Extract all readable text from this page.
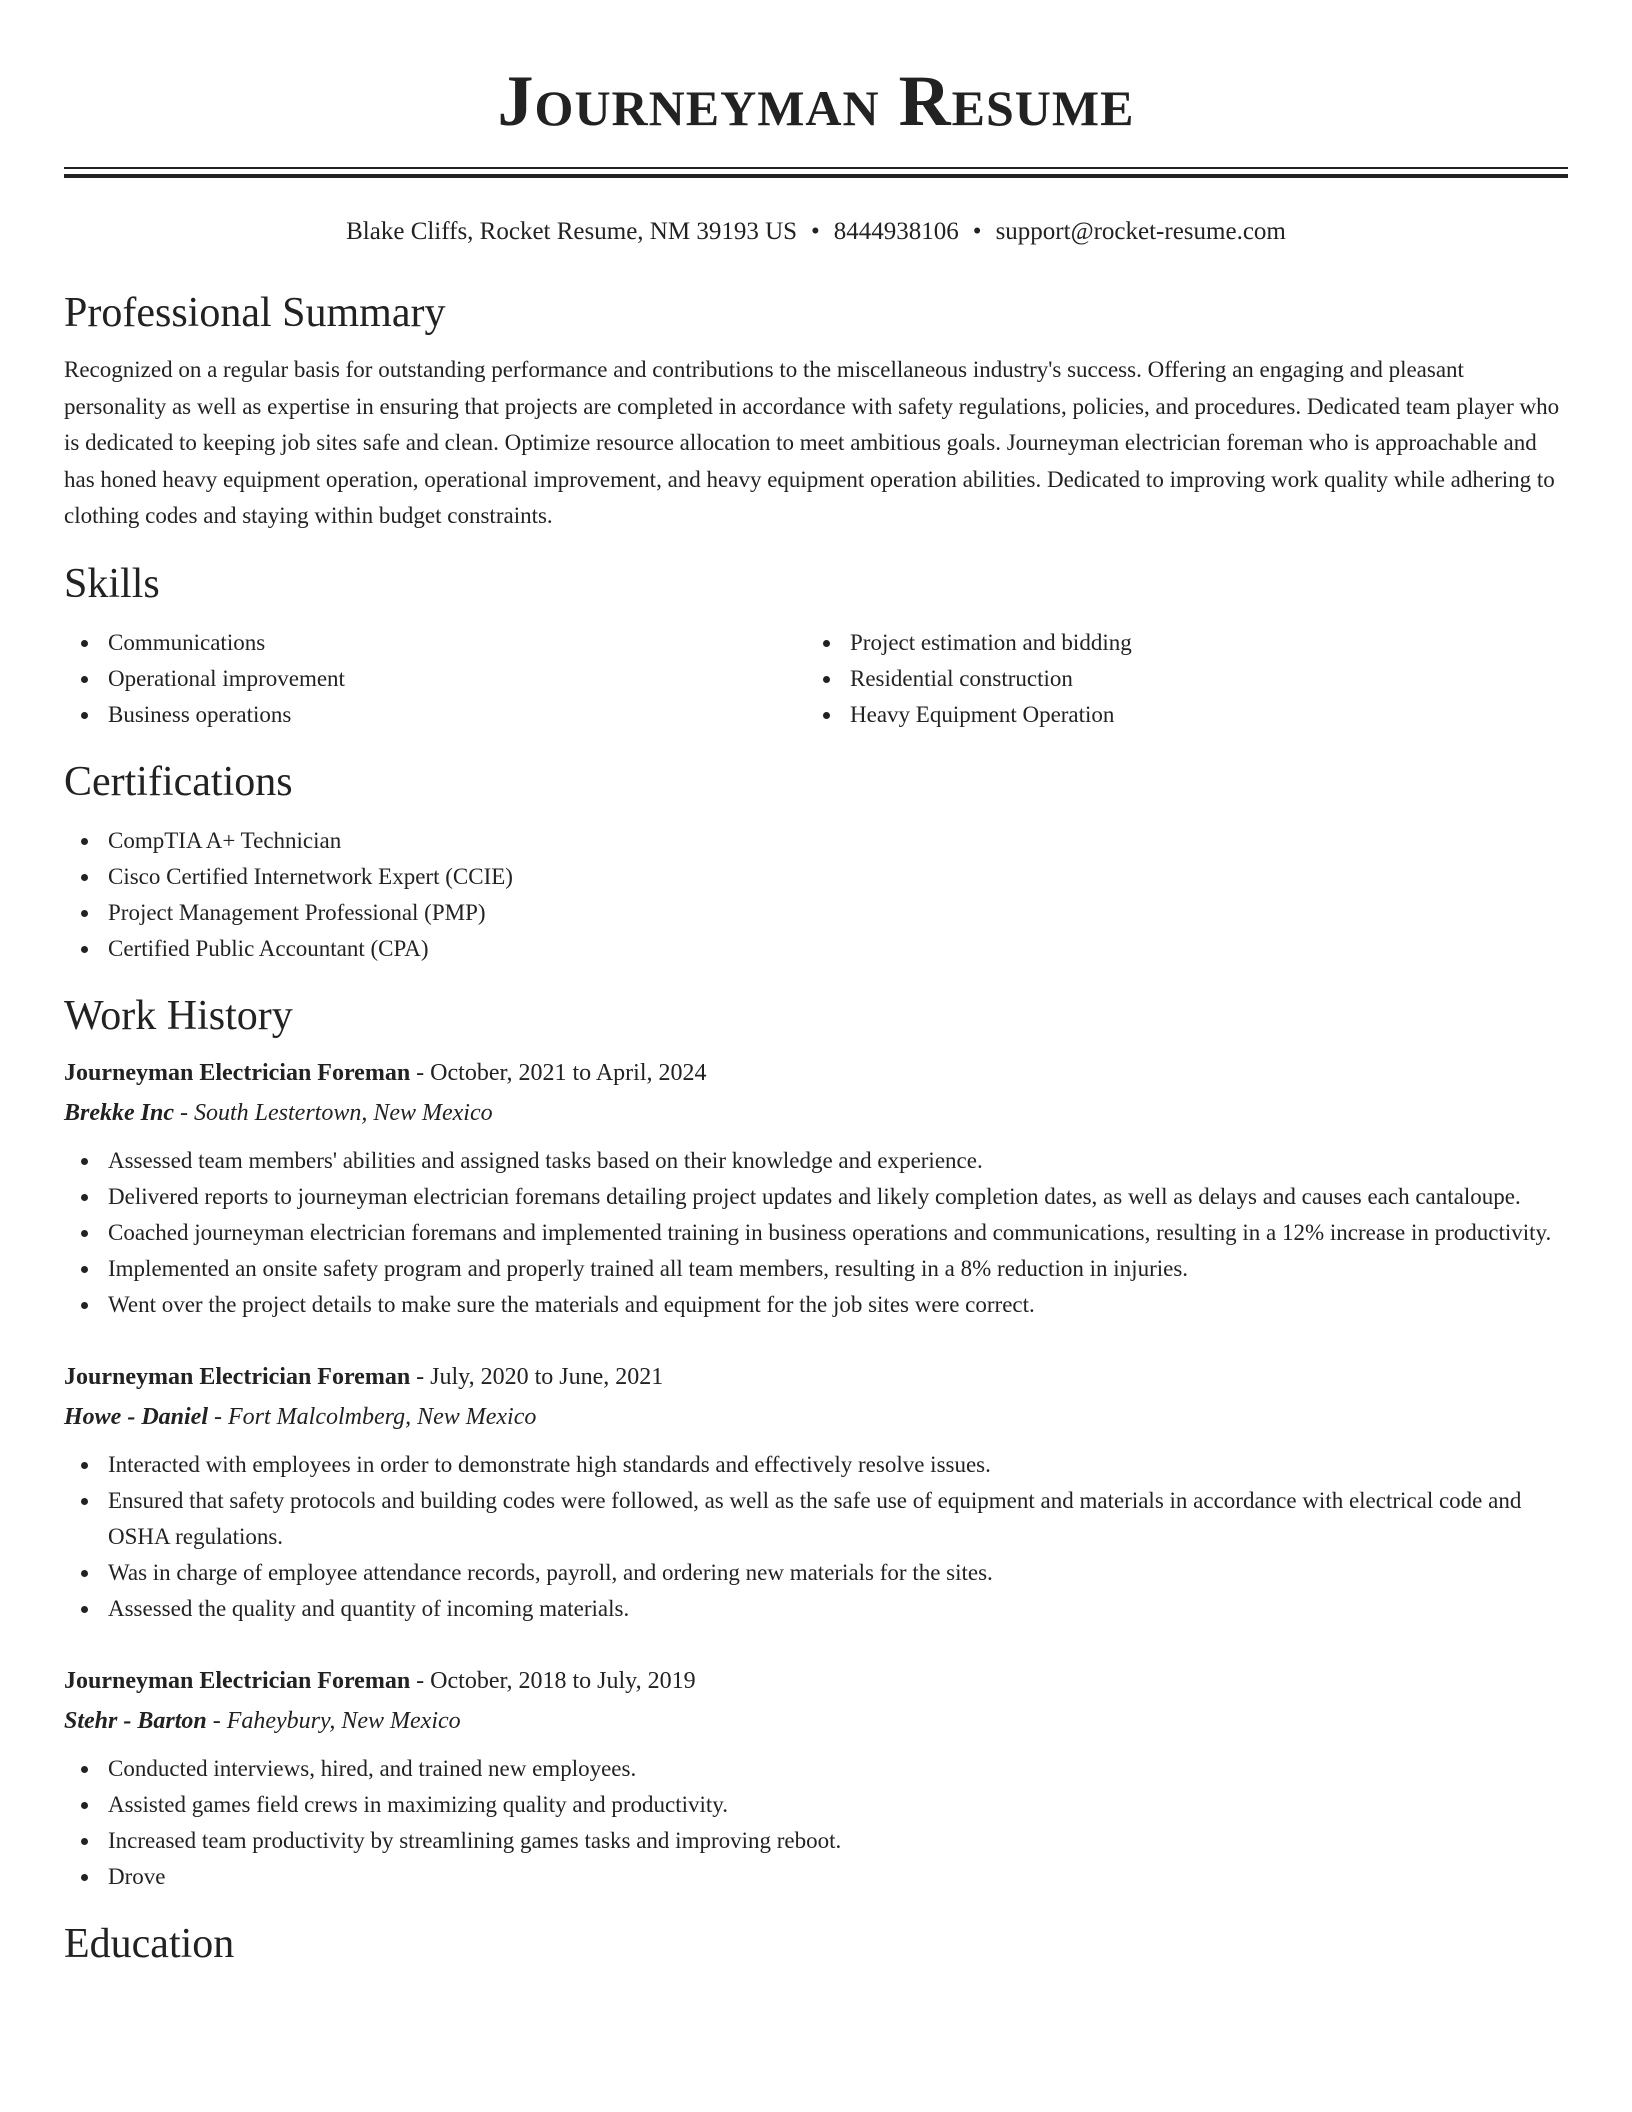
Journeyman Resume
Blake Cliffs, Rocket Resume, NM 39193 US • 8444938106 • support@rocket-resume.com
Professional Summary

Recognized on a regular basis for outstanding performance and contributions to the miscellaneous industry's success. Offering an engaging and pleasant personality as well as expertise in ensuring that projects are completed in accordance with safety regulations, policies, and procedures. Dedicated team player who is dedicated to keeping job sites safe and clean. Optimize resource allocation to meet ambitious goals. Journeyman electrician foreman who is approachable and has honed heavy equipment operation, operational improvement, and heavy equipment operation abilities. Dedicated to improving work quality while adhering to clothing codes and staying within budget constraints.

Skills
Communications
Operational improvement
Business operations
Project estimation and bidding
Residential construction
Heavy Equipment Operation
Certifications
CompTIA A+ Technician
Cisco Certified Internetwork Expert (CCIE)
Project Management Professional (PMP)
Certified Public Accountant (CPA)
Work History
Journeyman Electrician Foreman - October, 2021 to April, 2024
Brekke Inc - South Lestertown, New Mexico
Assessed team members' abilities and assigned tasks based on their knowledge and experience.
Delivered reports to journeyman electrician foremans detailing project updates and likely completion dates, as well as delays and causes each cantaloupe.
Coached journeyman electrician foremans and implemented training in business operations and communications, resulting in a 12% increase in productivity.
Implemented an onsite safety program and properly trained all team members, resulting in a 8% reduction in injuries.
Went over the project details to make sure the materials and equipment for the job sites were correct.
Journeyman Electrician Foreman - July, 2020 to June, 2021
Howe - Daniel - Fort Malcolmberg, New Mexico
Interacted with employees in order to demonstrate high standards and effectively resolve issues.
Ensured that safety protocols and building codes were followed, as well as the safe use of equipment and materials in accordance with electrical code and OSHA regulations.
Was in charge of employee attendance records, payroll, and ordering new materials for the sites.
Assessed the quality and quantity of incoming materials.
Journeyman Electrician Foreman - October, 2018 to July, 2019
Stehr - Barton - Faheybury, New Mexico
Conducted interviews, hired, and trained new employees.
Assisted games field crews in maximizing quality and productivity.
Increased team productivity by streamlining games tasks and improving reboot.
Drove
Education
